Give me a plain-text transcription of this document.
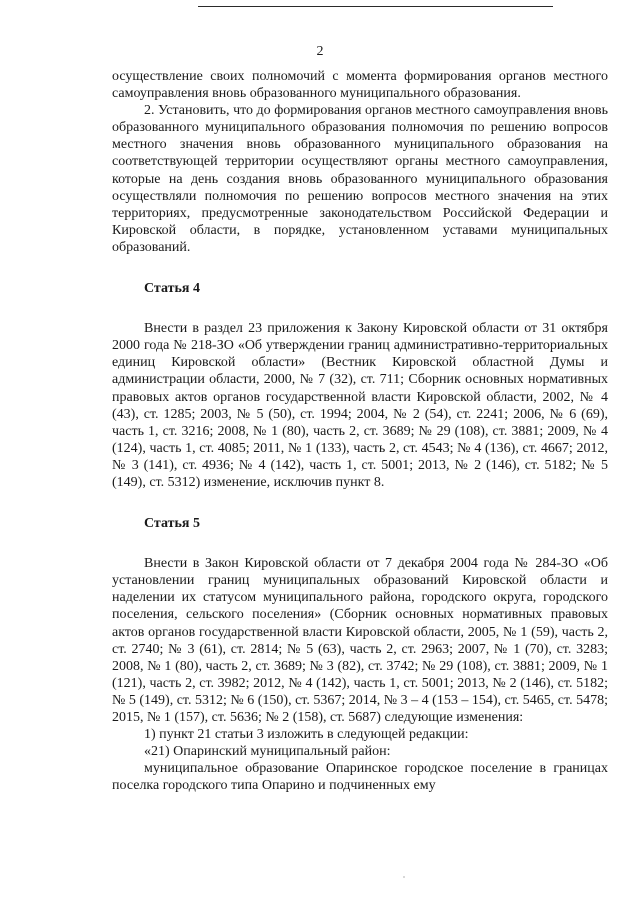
2

осуществление своих полномочий с момента формирования органов местного самоуправления вновь образованного муниципального образования.

2. Установить, что до формирования органов местного самоуправления вновь образованного муниципального образования полномочия по решению вопросов местного значения вновь образованного муниципального образования на соответствующей территории осуществляют органы местного самоуправления, которые на день создания вновь образованного муниципального образования осуществляли полномочия по решению вопросов местного значения на этих территориях, предусмотренные законодательством Российской Федерации и Кировской области, в порядке, установленном уставами муниципальных образований.

Статья 4

Внести в раздел 23 приложения к Закону Кировской области от 31 октября 2000 года № 218-ЗО «Об утверждении границ административно-территориальных единиц Кировской области» (Вестник Кировской областной Думы и администрации области, 2000, № 7 (32), ст. 711; Сборник основных нормативных правовых актов органов государственной власти Кировской области, 2002, № 4 (43), ст. 1285; 2003, № 5 (50), ст. 1994; 2004, № 2 (54), ст. 2241; 2006, № 6 (69), часть 1, ст. 3216; 2008, № 1 (80), часть 2, ст. 3689; № 29 (108), ст. 3881; 2009, № 4 (124), часть 1, ст. 4085; 2011, № 1 (133), часть 2, ст. 4543; № 4 (136), ст. 4667; 2012, № 3 (141), ст. 4936; № 4 (142), часть 1, ст. 5001; 2013, № 2 (146), ст. 5182; № 5 (149), ст. 5312) изменение, исключив пункт 8.

Статья 5

Внести в Закон Кировской области от 7 декабря 2004 года № 284-ЗО «Об установлении границ муниципальных образований Кировской области и наделении их статусом муниципального района, городского округа, городского поселения, сельского поселения» (Сборник основных нормативных правовых актов органов государственной власти Кировской области, 2005, № 1 (59), часть 2, ст. 2740; № 3 (61), ст. 2814; № 5 (63), часть 2, ст. 2963; 2007, № 1 (70), ст. 3283; 2008, № 1 (80), часть 2, ст. 3689; № 3 (82), ст. 3742; № 29 (108), ст. 3881; 2009, № 1 (121), часть 2, ст. 3982; 2012, № 4 (142), часть 1, ст. 5001; 2013, № 2 (146), ст. 5182; № 5 (149), ст. 5312; № 6 (150), ст. 5367; 2014, № 3 – 4 (153 – 154), ст. 5465, ст. 5478; 2015, № 1 (157), ст. 5636; № 2 (158), ст. 5687) следующие изменения:

1) пункт 21 статьи 3 изложить в следующей редакции:

«21) Опаринский муниципальный район:

муниципальное образование Опаринское городское поселение в границах поселка городского типа Опарино и подчиненных ему
